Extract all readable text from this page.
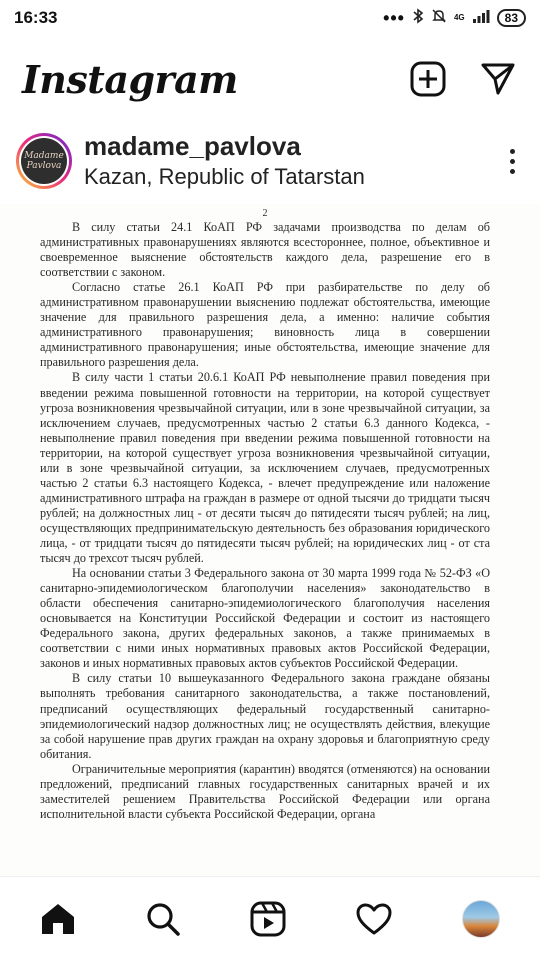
16:33	•••	4G	83
Instagram
Madame
Pavlova
madame_pavlova
Kazan, Republic of Tatarstan
2

В силу статьи 24.1 КоАП РФ задачами производства по делам об административных правонарушениях являются всестороннее, полное, объективное и своевременное выяснение обстоятельств каждого дела, разрешение его в соответствии с законом.

Согласно статье 26.1 КоАП РФ при разбирательстве по делу об административном правонарушении выяснению подлежат обстоятельства, имеющие значение для правильного разрешения дела, а именно: наличие события административного правонарушения; виновность лица в совершении административного правонарушения; иные обстоятельства, имеющие значение для правильного разрешения дела.

В силу части 1 статьи 20.6.1 КоАП РФ невыполнение правил поведения при введении режима повышенной готовности на территории, на которой существует угроза возникновения чрезвычайной ситуации, или в зоне чрезвычайной ситуации, за исключением случаев, предусмотренных частью 2 статьи 6.3 данного Кодекса, - невыполнение правил поведения при введении режима повышенной готовности на территории, на которой существует угроза возникновения чрезвычайной ситуации, или в зоне чрезвычайной ситуации, за исключением случаев, предусмотренных частью 2 статьи 6.3 настоящего Кодекса, - влечет предупреждение или наложение административного штрафа на граждан в размере от одной тысячи до тридцати тысяч рублей; на должностных лиц - от десяти тысяч до пятидесяти тысяч рублей; на лиц, осуществляющих предпринимательскую деятельность без образования юридического лица, - от тридцати тысяч до пятидесяти тысяч рублей; на юридических лиц - от ста тысяч до трехсот тысяч рублей.

На основании статьи 3 Федерального закона от 30 марта 1999 года № 52-ФЗ «О санитарно-эпидемиологическом благополучии населения» законодательство в области обеспечения санитарно-эпидемиологического благополучия населения основывается на Конституции Российской Федерации и состоит из настоящего Федерального закона, других федеральных законов, а также принимаемых в соответствии с ними иных нормативных правовых актов Российской Федерации, законов и иных нормативных правовых актов субъектов Российской Федерации.

В силу статьи 10 вышеуказанного Федерального закона граждане обязаны выполнять требования санитарного законодательства, а также постановлений, предписаний осуществляющих федеральный государственный санитарно-эпидемиологический надзор должностных лиц; не осуществлять действия, влекущие за собой нарушение прав других граждан на охрану здоровья и благоприятную среду обитания.

Ограничительные мероприятия (карантин) вводятся (отменяются) на основании предложений, предписаний главных государственных санитарных врачей и их заместителей решением Правительства Российской Федерации или органа исполнительной власти субъекта Российской Федерации, органа
